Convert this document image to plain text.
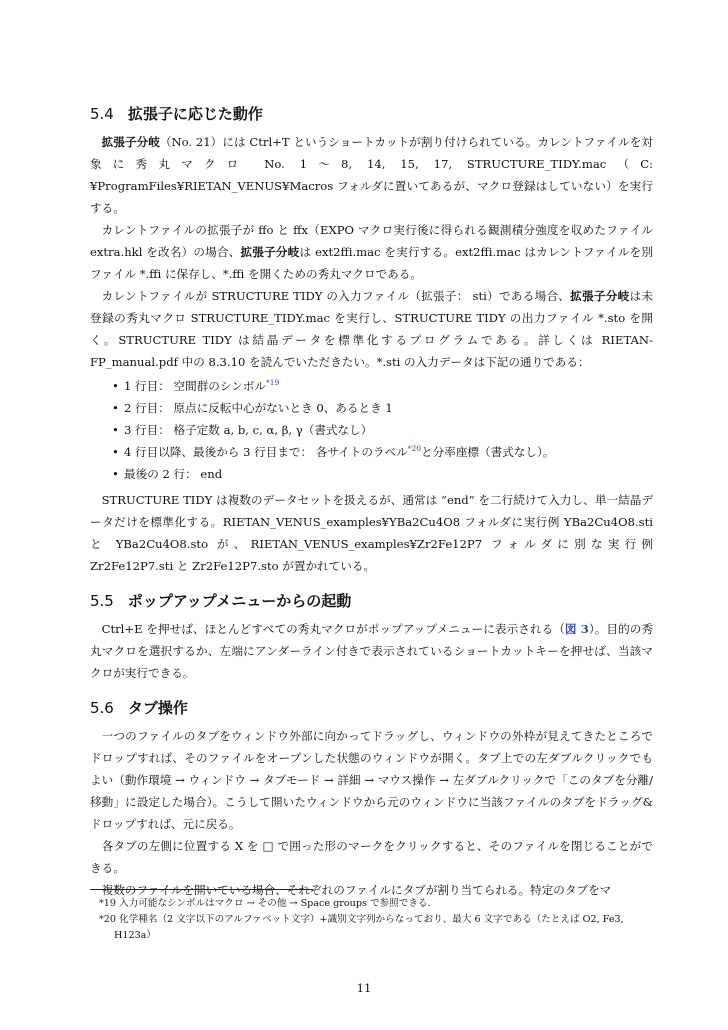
5.4 拡張子に応じた動作

拡張子分岐（No. 21）には Ctrl+T というショートカットが割り付けられている。カレントファイルを対象に秀丸マクロ No. 1〜8, 14, 15, 17, STRUCTURE_TIDY.mac（C:¥ProgramFiles¥RIETAN_VENUS¥Macros フォルダに置いてあるが、マクロ登録はしていない）を実行する。

カレントファイルの拡張子が ffo と ffx（EXPO マクロ実行後に得られる観測積分強度を収めたファイル extra.hkl を改名）の場合、拡張子分岐は ext2ffi.mac を実行する。ext2ffi.mac はカレントファイルを別ファイル *.ffi に保存し、*.ffi を開くための秀丸マクロである。

カレントファイルが STRUCTURE TIDY の入力ファイル（拡張子： sti）である場合、拡張子分岐は未登録の秀丸マクロ STRUCTURE_TIDY.mac を実行し、STRUCTURE TIDY の出力ファイル *.sto を開く。STRUCTURE TIDY は結晶データを標準化するプログラムである。詳しくは RIETAN-FP_manual.pdf 中の 8.3.10 を読んでいただきたい。*.sti の入力データは下記の通りである：

• 1 行目： 空間群のシンボル$^{*19}$
• 2 行目： 原点に反転中心がないとき 0、あるとき 1
• 3 行目： 格子定数 a, b, c, α, β, γ（書式なし）
• 4 行目以降、最後から 3 行目まで： 各サイトのラベル$^{*20}$と分率座標（書式なし）。
• 最後の 2 行： end

STRUCTURE TIDY は複数のデータセットを扱えるが、通常は “end” を二行続けて入力し、単一結晶データだけを標準化する。RIETAN_VENUS_examples¥YBa2Cu4O8 フォルダに実行例 YBa2Cu4O8.sti と YBa2Cu4O8.sto が、RIETAN_VENUS_examples¥Zr2Fe12P7 フォルダに別な実行例 Zr2Fe12P7.sti と Zr2Fe12P7.sto が置かれている。

5.5 ポップアップメニューからの起動

Ctrl+E を押せば、ほとんどすべての秀丸マクロがポップアップメニューに表示される（図 3）。目的の秀丸マクロを選択するか、左端にアンダーライン付きで表示されているショートカットキーを押せば、当該マクロが実行できる。

5.6 タブ操作

一つのファイルのタブをウィンドウ外部に向かってドラッグし、ウィンドウの外枠が見えてきたところでドロップすれば、そのファイルをオープンした状態のウィンドウが開く。タブ上での左ダブルクリックでもよい（動作環境 → ウィンドウ → タブモード → 詳細 → マウス操作 → 左ダブルクリックで「このタブを分離/移動」に設定した場合）。こうして開いたウィンドウから元のウィンドウに当該ファイルのタブをドラッグ&ドロップすれば、元に戻る。

各タブの左側に位置する X を □ で囲った形のマークをクリックすると、そのファイルを閉じることができる。

複数のファイルを開いている場合、それぞれのファイルにタブが割り当てられる。特定のタブをマ

*19 入力可能なシンボルはマクロ → その他 → Space groups で参照できる.
*20 化学種名（2 文字以下のアルファベット文字）+識別文字列からなっており、最大 6 文字である（たとえば O2, Fe3, H123a）
11
